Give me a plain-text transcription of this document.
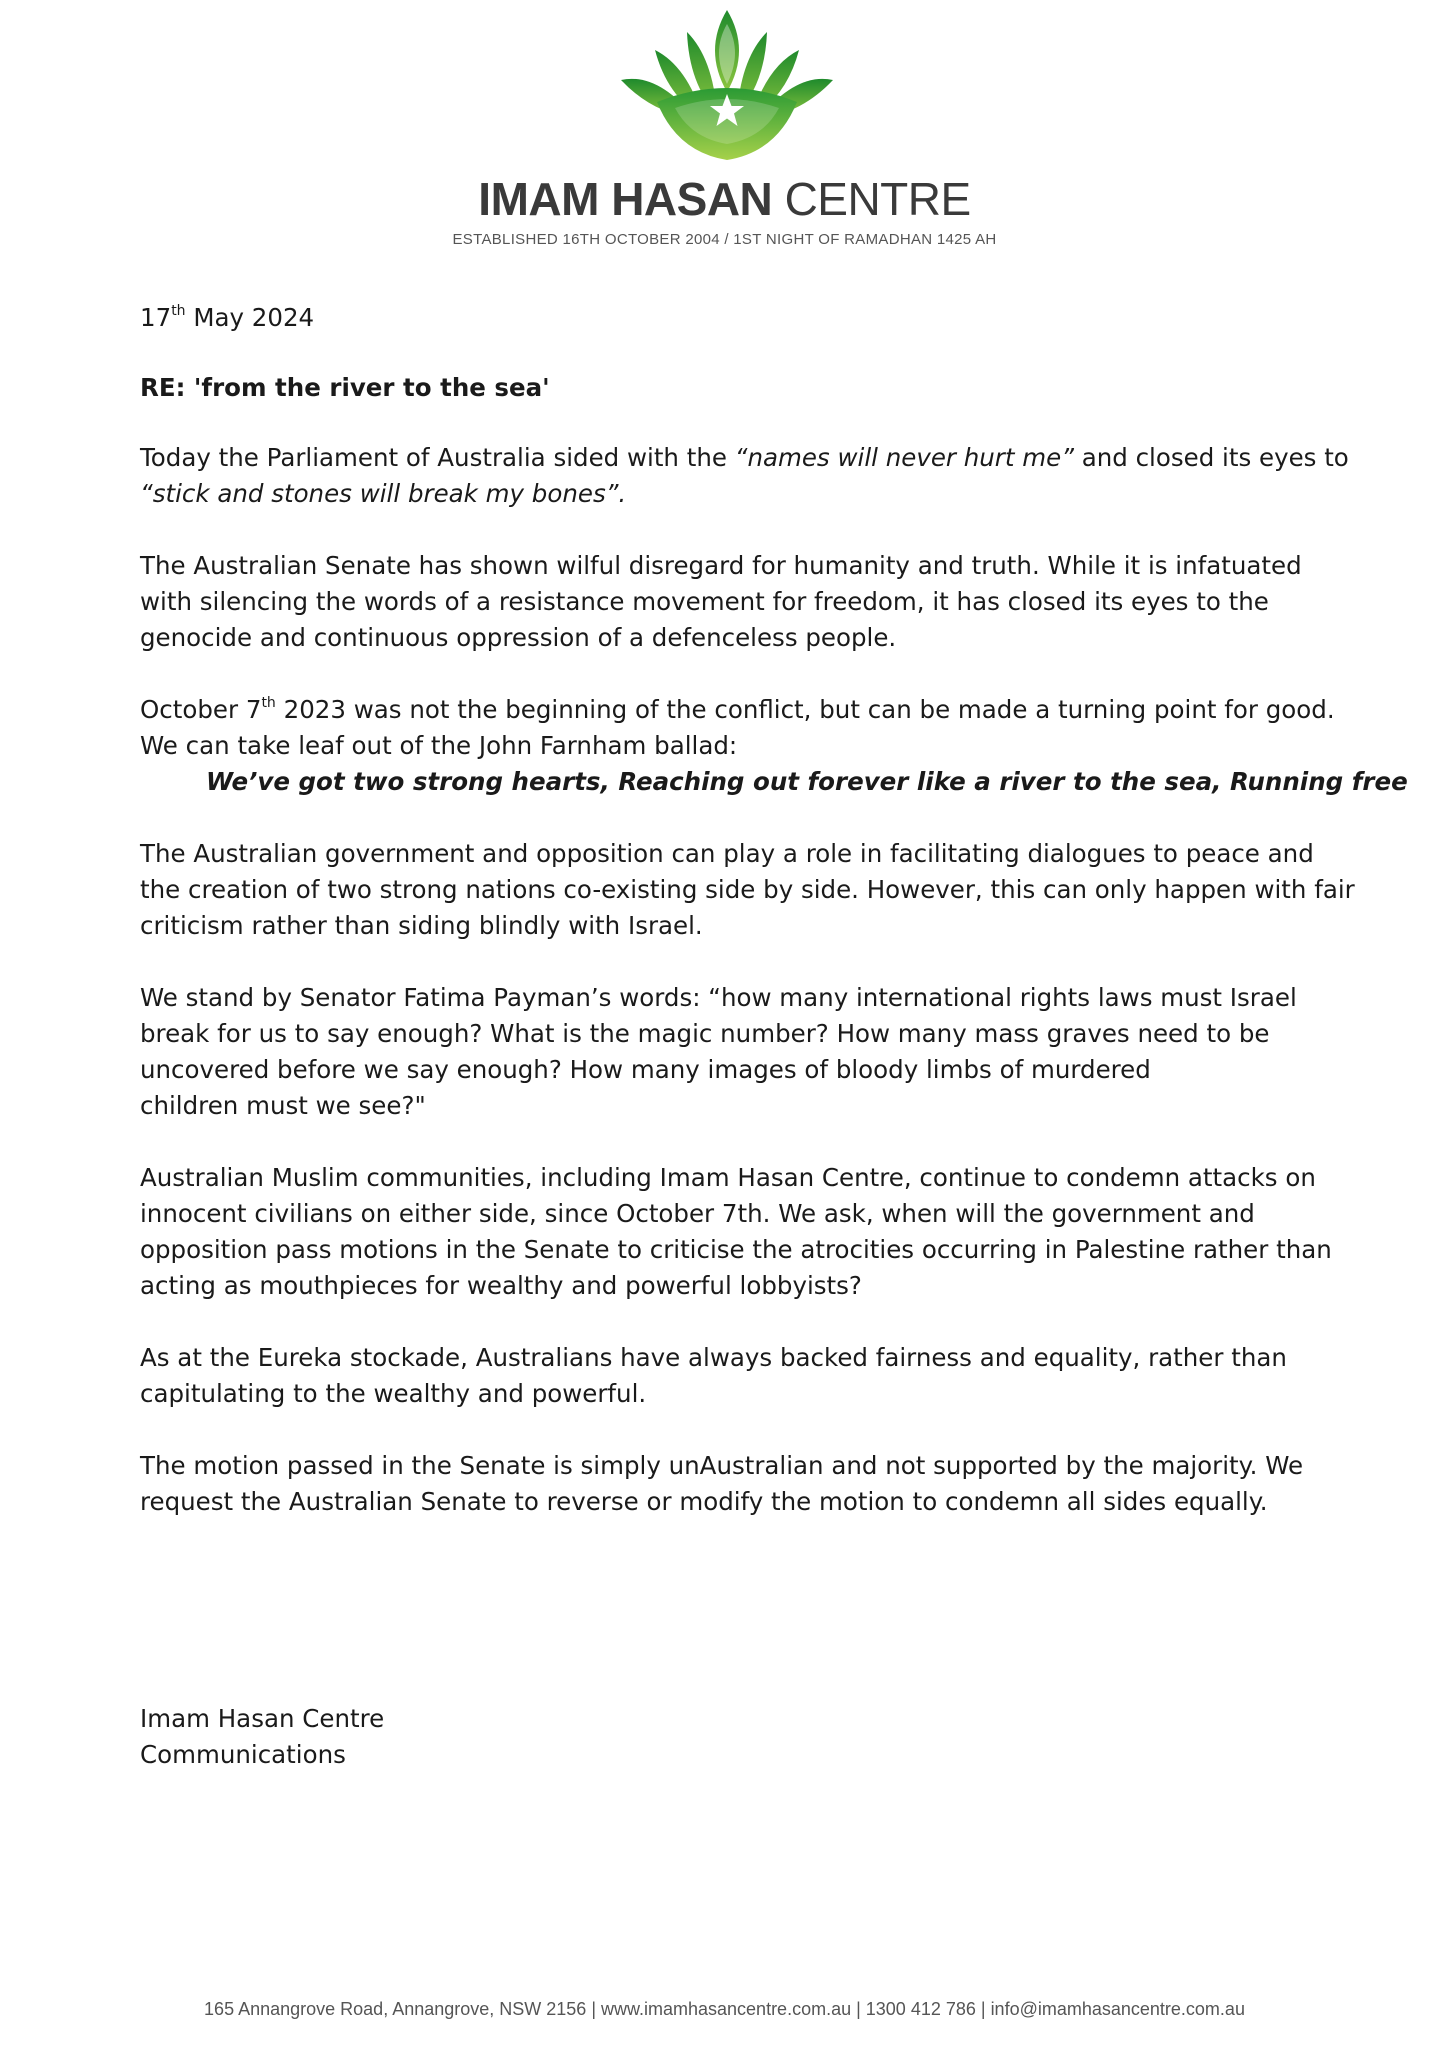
IMAM HASAN CENTRE
ESTABLISHED 16TH OCTOBER 2004 / 1ST NIGHT OF RAMADHAN 1425 AH
17th May 2024
RE: 'from the river to the sea'
Today the Parliament of Australia sided with the “names will never hurt me” and closed its eyes to
“stick and stones will break my bones”.
The Australian Senate has shown wilful disregard for humanity and truth. While it is infatuated
with silencing the words of a resistance movement for freedom, it has closed its eyes to the
genocide and continuous oppression of a defenceless people.
October 7th 2023 was not the beginning of the conflict, but can be made a turning point for good.
We can take leaf out of the John Farnham ballad:
We’ve got two strong hearts, Reaching out forever like a river to the sea, Running free
The Australian government and opposition can play a role in facilitating dialogues to peace and
the creation of two strong nations co-existing side by side. However, this can only happen with fair
criticism rather than siding blindly with Israel.
We stand by Senator Fatima Payman’s words: “how many international rights laws must Israel
break for us to say enough? What is the magic number? How many mass graves need to be
uncovered before we say enough? How many images of bloody limbs of murdered
children must we see?"
Australian Muslim communities, including Imam Hasan Centre, continue to condemn attacks on
innocent civilians on either side, since October 7th. We ask, when will the government and
opposition pass motions in the Senate to criticise the atrocities occurring in Palestine rather than
acting as mouthpieces for wealthy and powerful lobbyists?
As at the Eureka stockade, Australians have always backed fairness and equality, rather than
capitulating to the wealthy and powerful.
The motion passed in the Senate is simply unAustralian and not supported by the majority. We
request the Australian Senate to reverse or modify the motion to condemn all sides equally.
Imam Hasan Centre
Communications
165 Annangrove Road, Annangrove, NSW 2156 | www.imamhasancentre.com.au | 1300 412 786 | info@imamhasancentre.com.au
